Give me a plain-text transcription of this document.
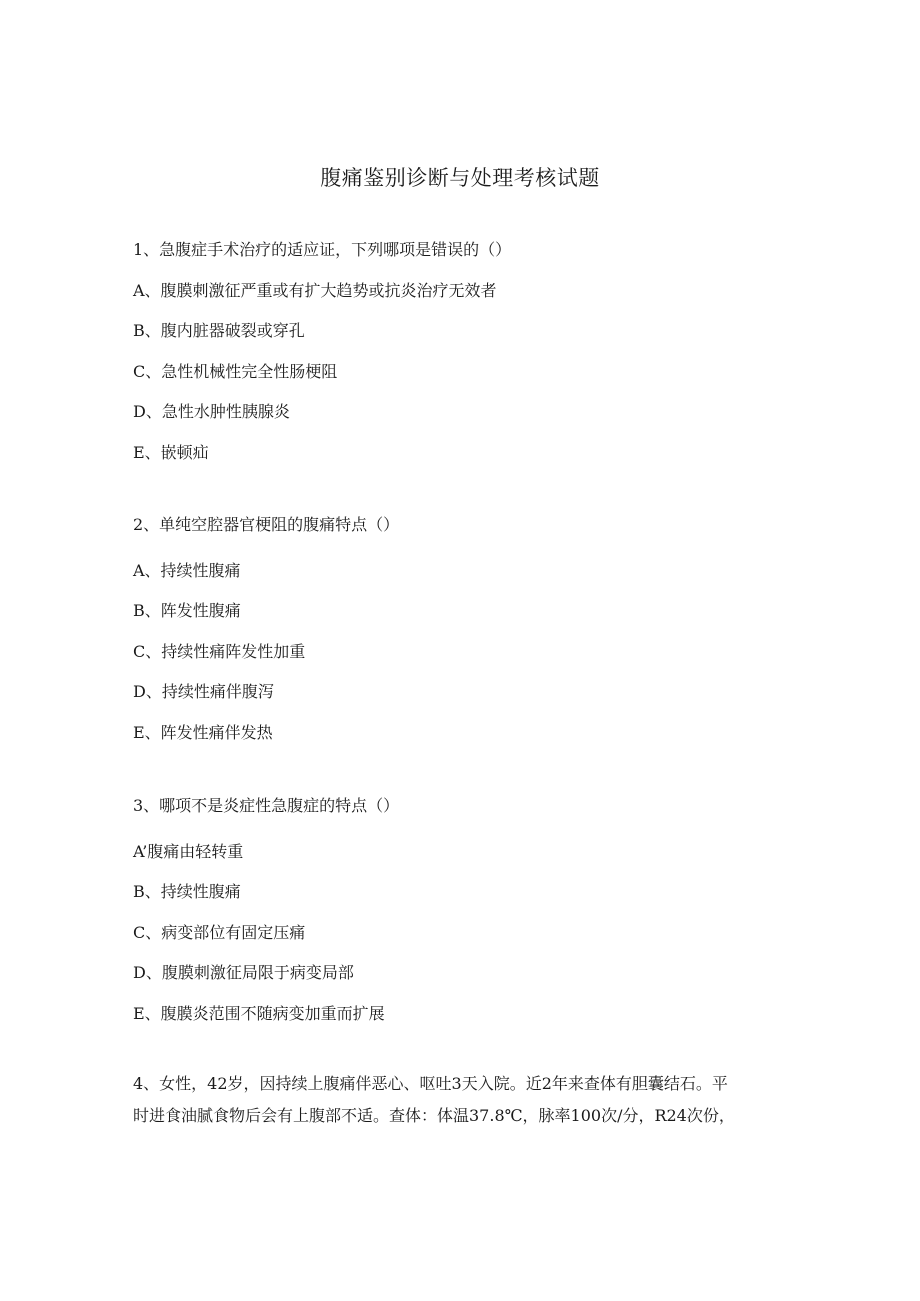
腹痛鉴别诊断与处理考核试题
1、急腹症手术治疗的适应证，下列哪项是错误的（）
A、腹膜刺激征严重或有扩大趋势或抗炎治疗无效者
B、腹内脏器破裂或穿孔
C、急性机械性完全性肠梗阻
D、急性水肿性胰腺炎
E、嵌顿疝
2、单纯空腔器官梗阻的腹痛特点（）
A、持续性腹痛
B、阵发性腹痛
C、持续性痛阵发性加重
D、持续性痛伴腹泻
E、阵发性痛伴发热
3、哪项不是炎症性急腹症的特点（）
A’腹痛由轻转重
B、持续性腹痛
C、病变部位有固定压痛
D、腹膜刺激征局限于病变局部
E、腹膜炎范围不随病变加重而扩展
4、女性，42岁，因持续上腹痛伴恶心、呕吐3天入院。近2年来查体有胆囊结石。平
时进食油腻食物后会有上腹部不适。查体：体温37.8℃，脉率100次/分，R24次份，
